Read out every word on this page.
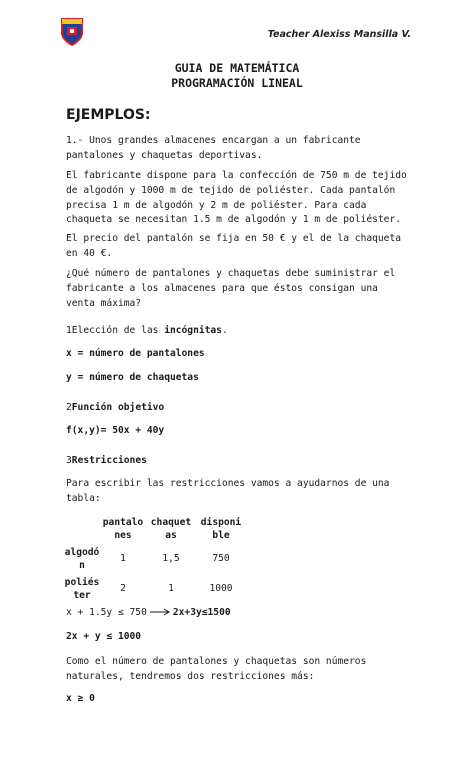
Teacher Alexiss Mansilla V.
GUIA DE MATEMÁTICA
PROGRAMACIÓN LINEAL
EJEMPLOS:

1.- Unos grandes almacenes encargan a un fabricante pantalones y chaquetas deportivas.

El fabricante dispone para la confección de 750 m de tejido de algodón y 1000 m de tejido de poliéster. Cada pantalón precisa 1 m de algodón y 2 m de poliéster. Para cada chaqueta se necesitan 1.5 m de algodón y 1 m de poliéster.

El precio del pantalón se fija en 50 € y el de la chaqueta en 40 €.

¿Qué número de pantalones y chaquetas debe suministrar el fabricante a los almacenes para que éstos consigan una venta máxima?

1Elección de las incógnitas.

x = número de pantalones

y = número de chaquetas

2Función objetivo

f(x,y)= 50x + 40y

3Restricciones

Para escribir las restricciones vamos a ayudarnos de una tabla:

	pantalo nes	chaquet as	disponi ble
algodó n	1	1,5	750
poliés ter	2	1	1000

x + 1.5y ≤ 750	2x+3y≤1500

2x + y ≤ 1000

Como el número de pantalones y chaquetas son números naturales, tendremos dos restricciones más:

x ≥ 0
